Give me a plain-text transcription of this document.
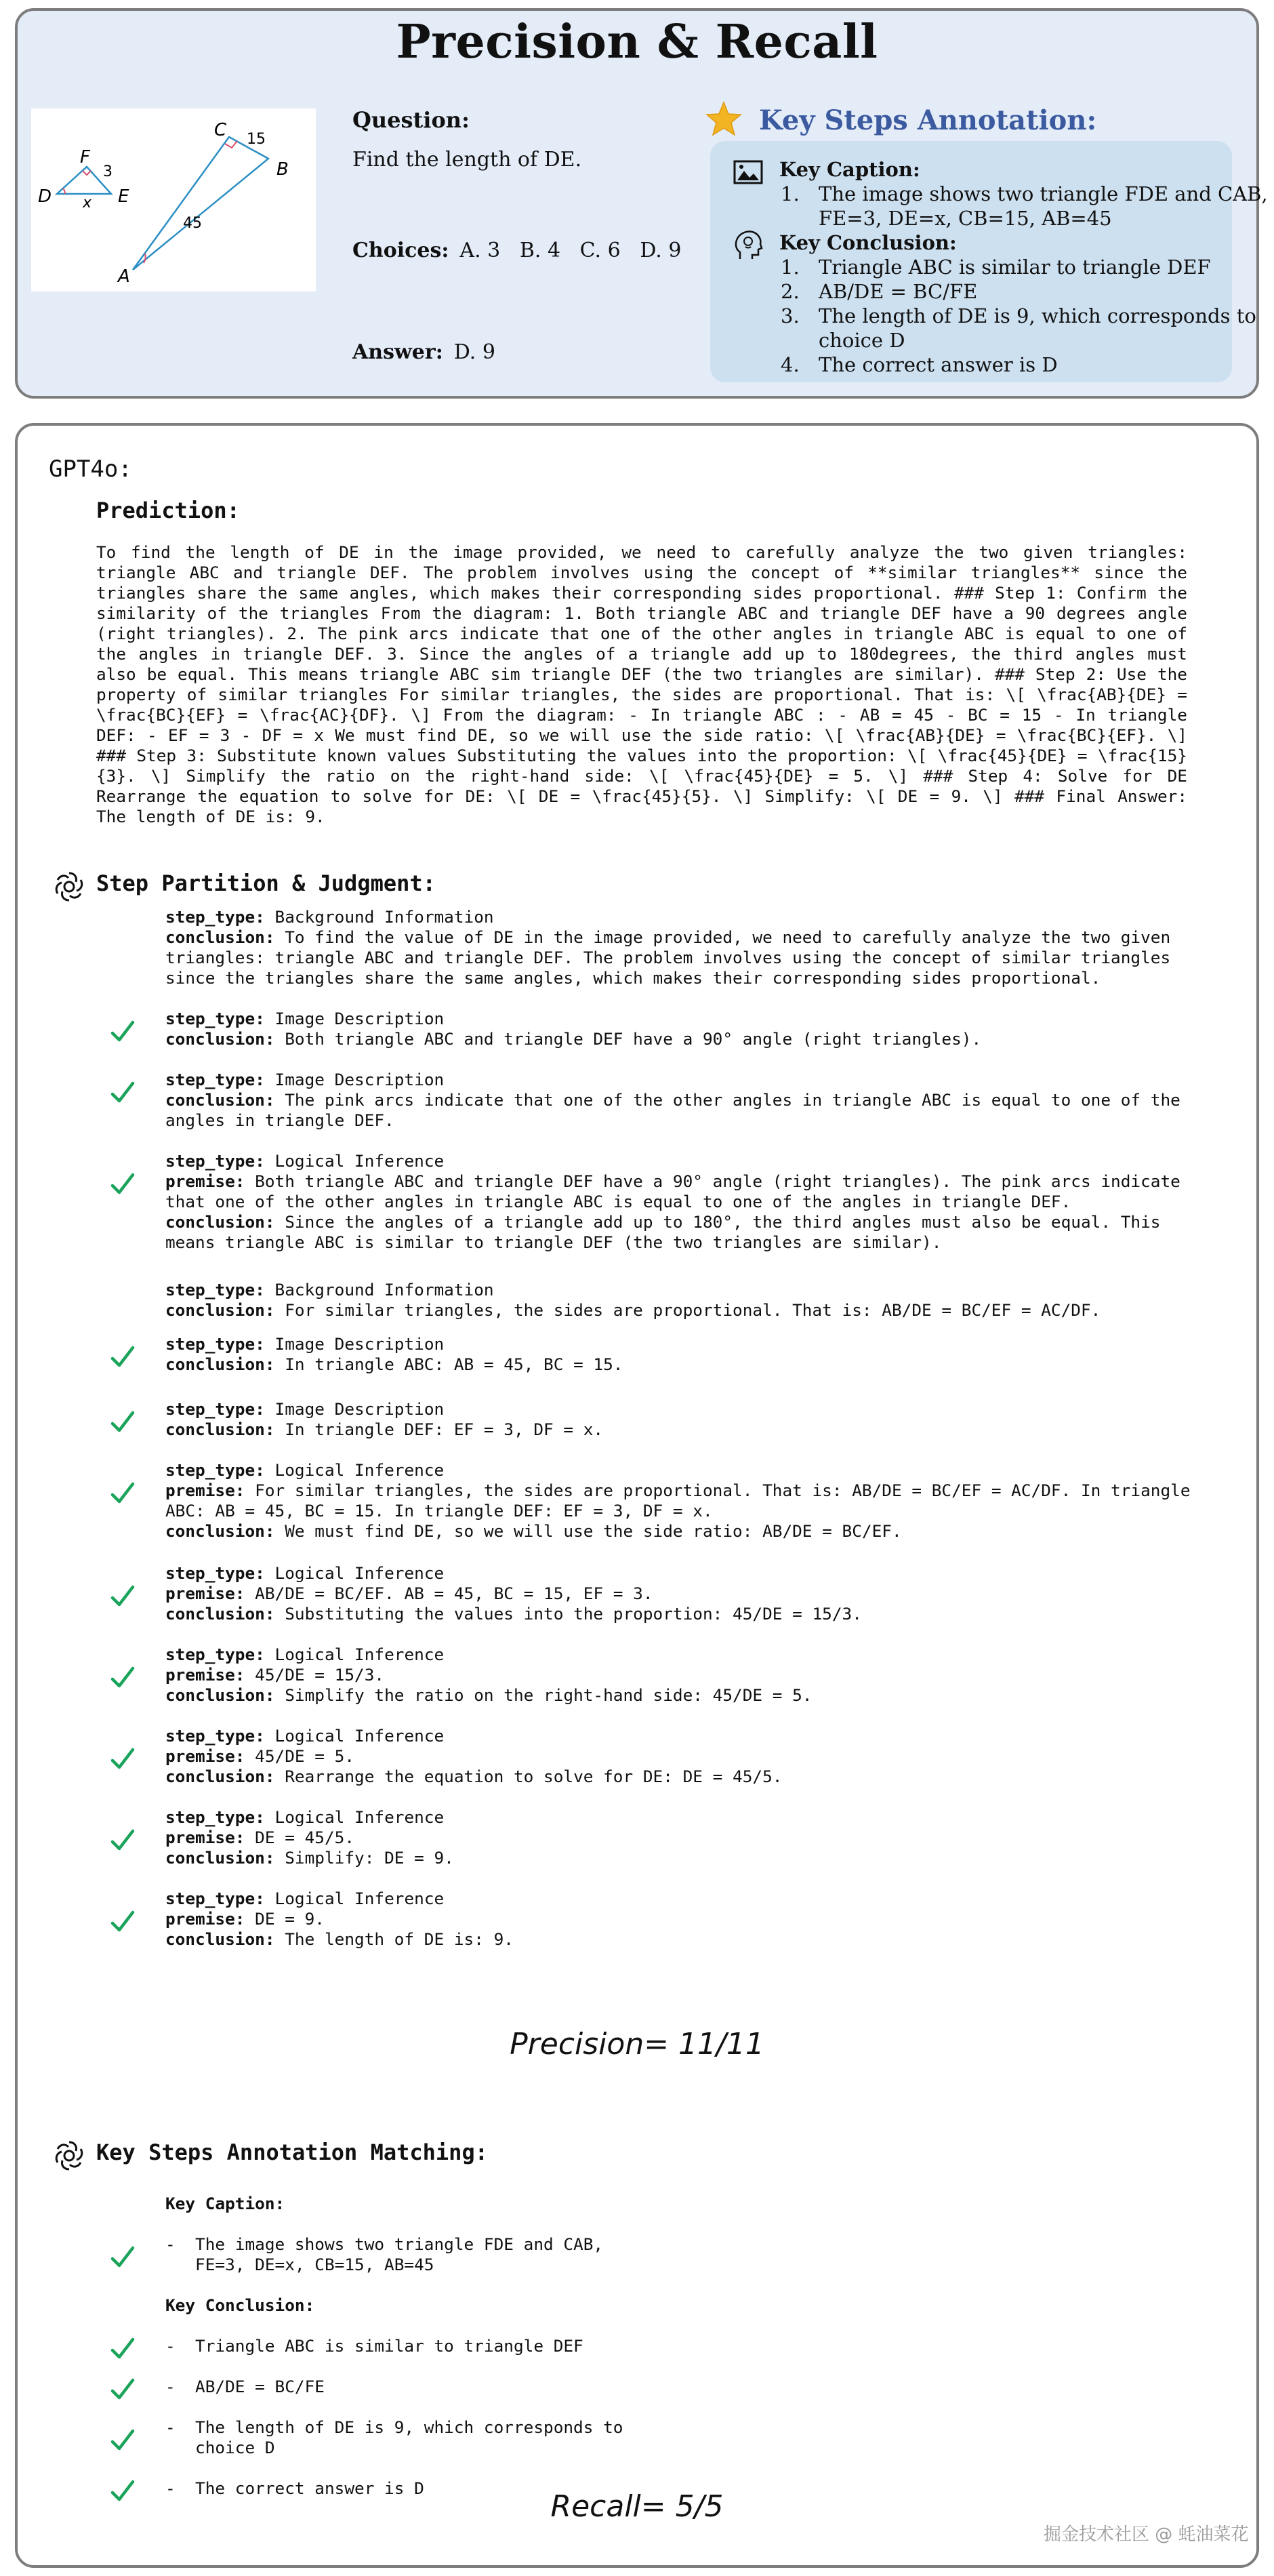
Precision & Recall
F
3
D x E
C 15
B
45
A
Question:
Find the length of DE.
Choices: A. 3   B. 4   C. 6   D. 9
Answer: D. 9
Key Steps Annotation:
Key Caption:
1. The image shows two triangle FDE and CAB,
FE=3, DE=x, CB=15, AB=45
Key Conclusion:
1. Triangle ABC is similar to triangle DEF
2. AB/DE = BC/FE
3. The length of DE is 9, which corresponds to
choice D
4. The correct answer is D
GPT4o:
Prediction:
To find the length of DE in the image provided, we need to carefully analyze the two given triangles: triangle ABC and triangle DEF. The problem involves using the concept of **similar triangles** since the triangles share the same angles, which makes their corresponding sides proportional. ### Step 1: Confirm the similarity of the triangles From the diagram: 1. Both triangle ABC and triangle DEF have a 90 degrees angle (right triangles). 2. The pink arcs indicate that one of the other angles in triangle ABC is equal to one of the angles in triangle DEF. 3. Since the angles of a triangle add up to 180degrees, the third angles must also be equal. This means triangle ABC sim triangle DEF (the two triangles are similar). ### Step 2: Use the property of similar triangles For similar triangles, the sides are proportional. That is: \[ \frac{AB}{DE} = \frac{BC}{EF} = \frac{AC}{DF}. \] From the diagram: - In triangle ABC : - AB = 45 - BC = 15 - In triangle DEF: - EF = 3 - DF = x We must find DE, so we will use the side ratio: \[ \frac{AB}{DE} = \frac{BC}{EF}. \] ### Step 3: Substitute known values Substituting the values into the proportion: \[ \frac{45}{DE} = \frac{15}{3}. \] Simplify the ratio on the right-hand side: \[ \frac{45}{DE} = 5. \] ### Step 4: Solve for DE Rearrange the equation to solve for DE: \[ DE = \frac{45}{5}. \] Simplify: \[ DE = 9. \] ### Final Answer: The length of DE is: 9.
Step Partition & Judgment:
step_type: Background Information
conclusion: To find the value of DE in the image provided, we need to carefully analyze the two given triangles: triangle ABC and triangle DEF. The problem involves using the concept of similar triangles since the triangles share the same angles, which makes their corresponding sides proportional.
step_type: Image Description
conclusion: Both triangle ABC and triangle DEF have a 90° angle (right triangles).
step_type: Image Description
conclusion: The pink arcs indicate that one of the other angles in triangle ABC is equal to one of the angles in triangle DEF.
step_type: Logical Inference
premise: Both triangle ABC and triangle DEF have a 90° angle (right triangles). The pink arcs indicate that one of the other angles in triangle ABC is equal to one of the angles in triangle DEF.
conclusion: Since the angles of a triangle add up to 180°, the third angles must also be equal. This means triangle ABC is similar to triangle DEF (the two triangles are similar).
step_type: Background Information
conclusion: For similar triangles, the sides are proportional. That is: AB/DE = BC/EF = AC/DF.
step_type: Image Description
conclusion: In triangle ABC: AB = 45, BC = 15.
step_type: Image Description
conclusion: In triangle DEF: EF = 3, DF = x.
step_type: Logical Inference
premise: For similar triangles, the sides are proportional. That is: AB/DE = BC/EF = AC/DF. In triangle ABC: AB = 45, BC = 15. In triangle DEF: EF = 3, DF = x.
conclusion: We must find DE, so we will use the side ratio: AB/DE = BC/EF.
step_type: Logical Inference
premise: AB/DE = BC/EF. AB = 45, BC = 15, EF = 3.
conclusion: Substituting the values into the proportion: 45/DE = 15/3.
step_type: Logical Inference
premise: 45/DE = 15/3.
conclusion: Simplify the ratio on the right-hand side: 45/DE = 5.
step_type: Logical Inference
premise: 45/DE = 5.
conclusion: Rearrange the equation to solve for DE: DE = 45/5.
step_type: Logical Inference
premise: DE = 45/5.
conclusion: Simplify: DE = 9.
step_type: Logical Inference
premise: DE = 9.
conclusion: The length of DE is: 9.
Precision= 11/11
Key Steps Annotation Matching:
Key Caption:
-  The image shows two triangle FDE and CAB,
FE=3, DE=x, CB=15, AB=45
Key Conclusion:
-  Triangle ABC is similar to triangle DEF
-  AB/DE = BC/FE
-  The length of DE is 9, which corresponds to
choice D
-  The correct answer is D
Recall= 5/5
掘金技术社区 @ 蚝油菜花
